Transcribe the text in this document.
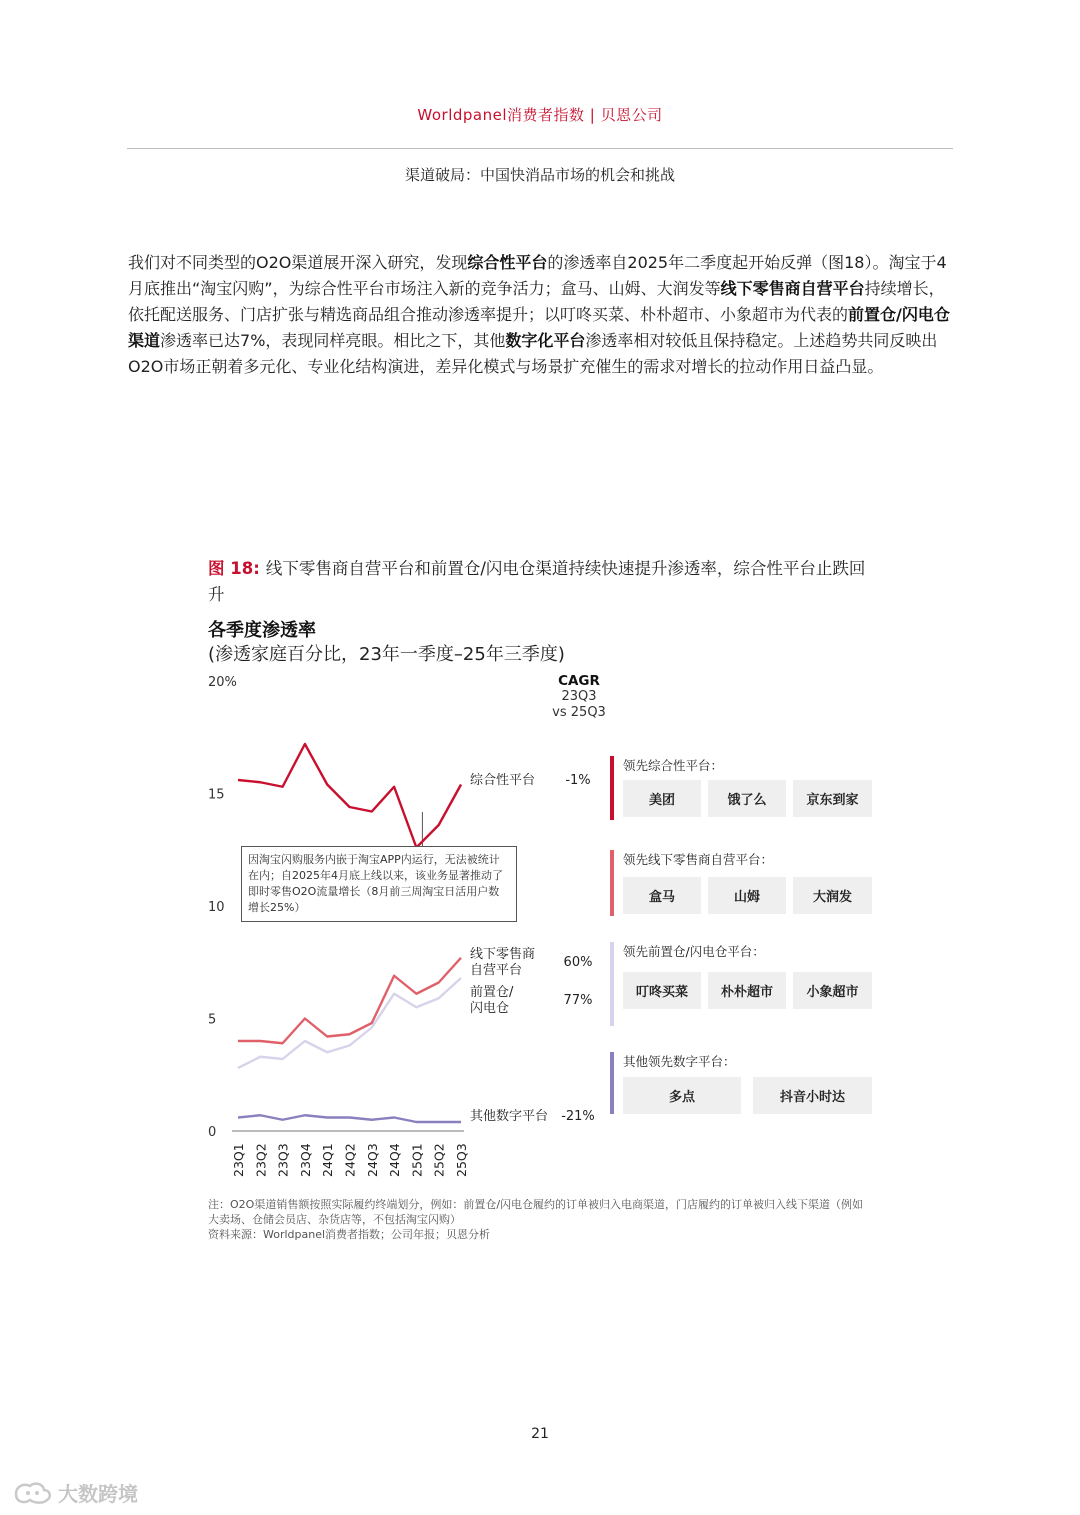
Worldpanel消费者指数 | 贝恩公司
渠道破局：中国快消品市场的机会和挑战

我们对不同类型的O2O渠道展开深入研究，发现综合性平台的渗透率自2025年二季度起开始反弹（图18）。淘宝于4月底推出“淘宝闪购”，为综合性平台市场注入新的竞争活力；盒马、山姆、大润发等线下零售商自营平台持续增长，依托配送服务、门店扩张与精选商品组合推动渗透率提升；以叮咚买菜、朴朴超市、小象超市为代表的前置仓/闪电仓渠道渗透率已达7%，表现同样亮眼。相比之下，其他数字化平台渗透率相对较低且保持稳定。上述趋势共同反映出O2O市场正朝着多元化、专业化结构演进，差异化模式与场景扩充催生的需求对增长的拉动作用日益凸显。

图 18: 线下零售商自营平台和前置仓/闪电仓渠道持续快速提升渗透率，综合性平台止跌回升
各季度渗透率
(渗透家庭百分比，23年一季度–25年三季度)
0
5
10
15
20%
23Q1 23Q2 23Q3 23Q4 24Q1 24Q2 24Q3 24Q4 25Q1 25Q2 25Q3
综合性平台 -1%
线下零售商
自营平台
60%
前置仓/
闪电仓
77%
其他数字平台 -21%
CAGR
23Q3
vs 25Q3
因淘宝闪购服务内嵌于淘宝APP内运行，无法被统计在内；自2025年4月底上线以来，该业务显著推动了即时零售O2O流量增长（8月前三周淘宝日活用户数增长25%）
领先综合性平台：
美团	饿了么	京东到家
领先线下零售商自营平台：
盒马	山姆	大润发
领先前置仓/闪电仓平台：
叮咚买菜	朴朴超市	小象超市
其他领先数字平台：
多点	抖音小时达
注：O2O渠道销售额按照实际履约终端划分，例如：前置仓/闪电仓履约的订单被归入电商渠道，门店履约的订单被归入线下渠道（例如大卖场、仓储会员店、杂货店等，不包括淘宝闪购）
资料来源：Worldpanel消费者指数；公司年报；贝恩分析
21
大数跨境
